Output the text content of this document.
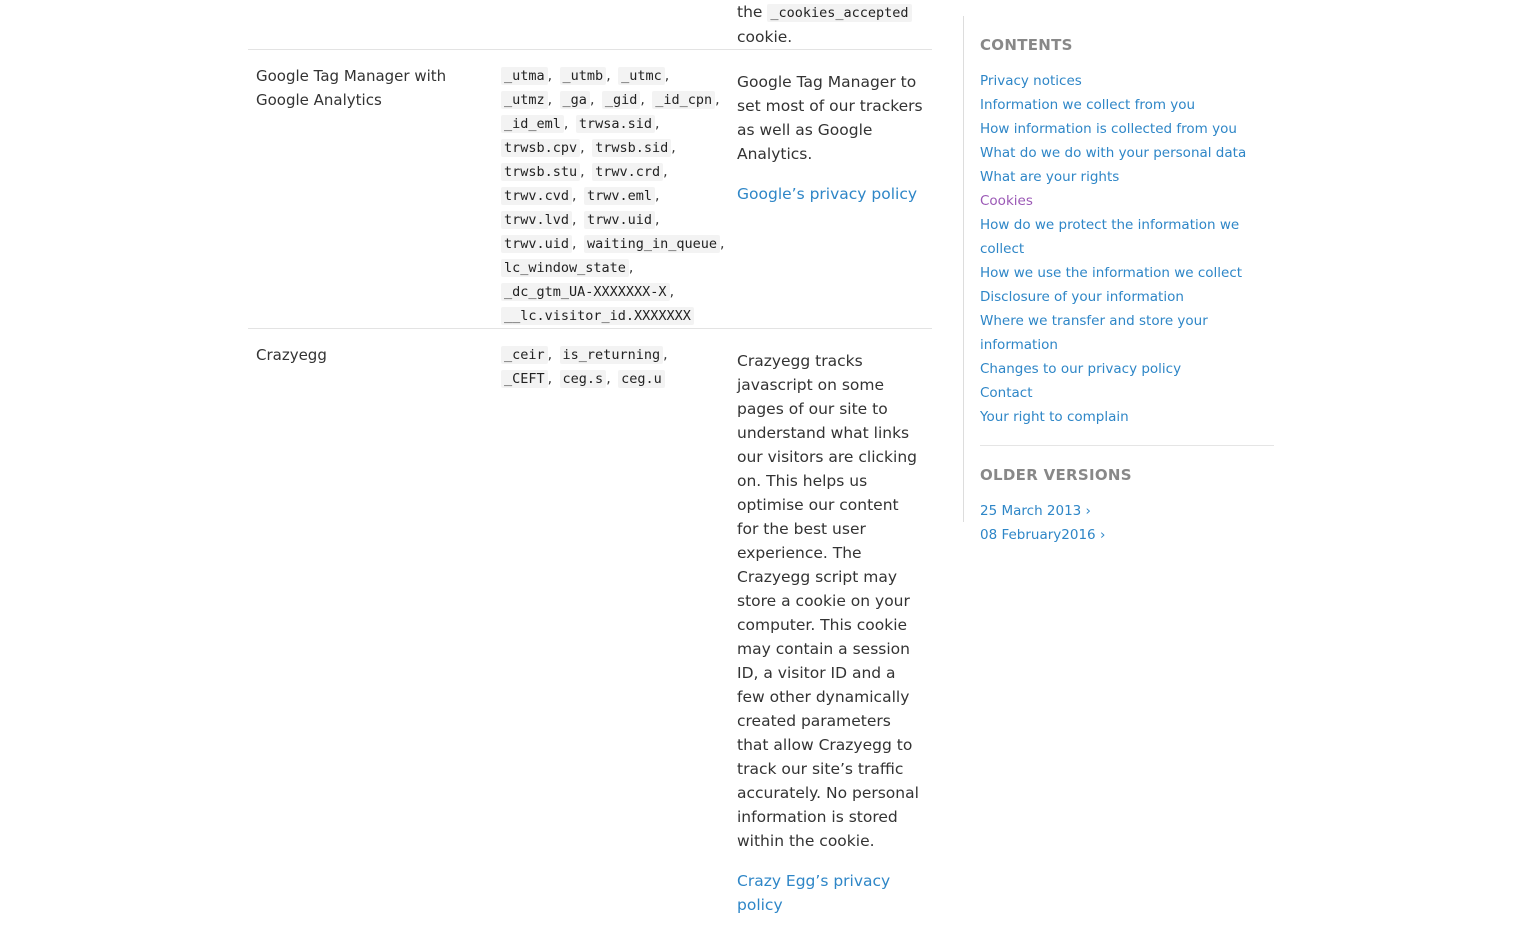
		the _cookies_accepted
cookie.
Google Tag Manager with Google Analytics	_utma , _utmb , _utmc , _utmz , _ga , _gid , _id_cpn , _id_eml , trwsa.sid , trwsb.cpv , trwsb.sid , trwsb.stu , trwv.crd , trwv.cvd , trwv.eml , trwv.lvd , trwv.uid , trwv.uid , waiting_in_queue , lc_window_state , _dc_gtm_UA-XXXXXXX-X , __lc.visitor_id.XXXXXXX	Google Tag Manager to set most of our trackers as well as Google Analytics.

Google’s privacy policy

Crazyegg	_ceir , is_returning , _CEFT , ceg.s , ceg.u	Crazyegg tracks javascript on some pages of our site to understand what links our visitors are clicking on. This helps us optimise our content for the best user experience. The Crazyegg script may store a cookie on your computer. This cookie may contain a session ID, a visitor ID and a few other dynamically created parameters that allow Crazyegg to track our site’s traffic accurately. No personal information is stored within the cookie.

Crazy Egg’s privacy policy

CONTENTS
Privacy notices
Information we collect from you
How information is collected from you
What do we do with your personal data
What are your rights
Cookies
How do we protect the information we collect
How we use the information we collect
Disclosure of your information
Where we transfer and store your information
Changes to our privacy policy
Contact
Your right to complain
OLDER VERSIONS
25 March 2013 ›
08 February2016 ›
